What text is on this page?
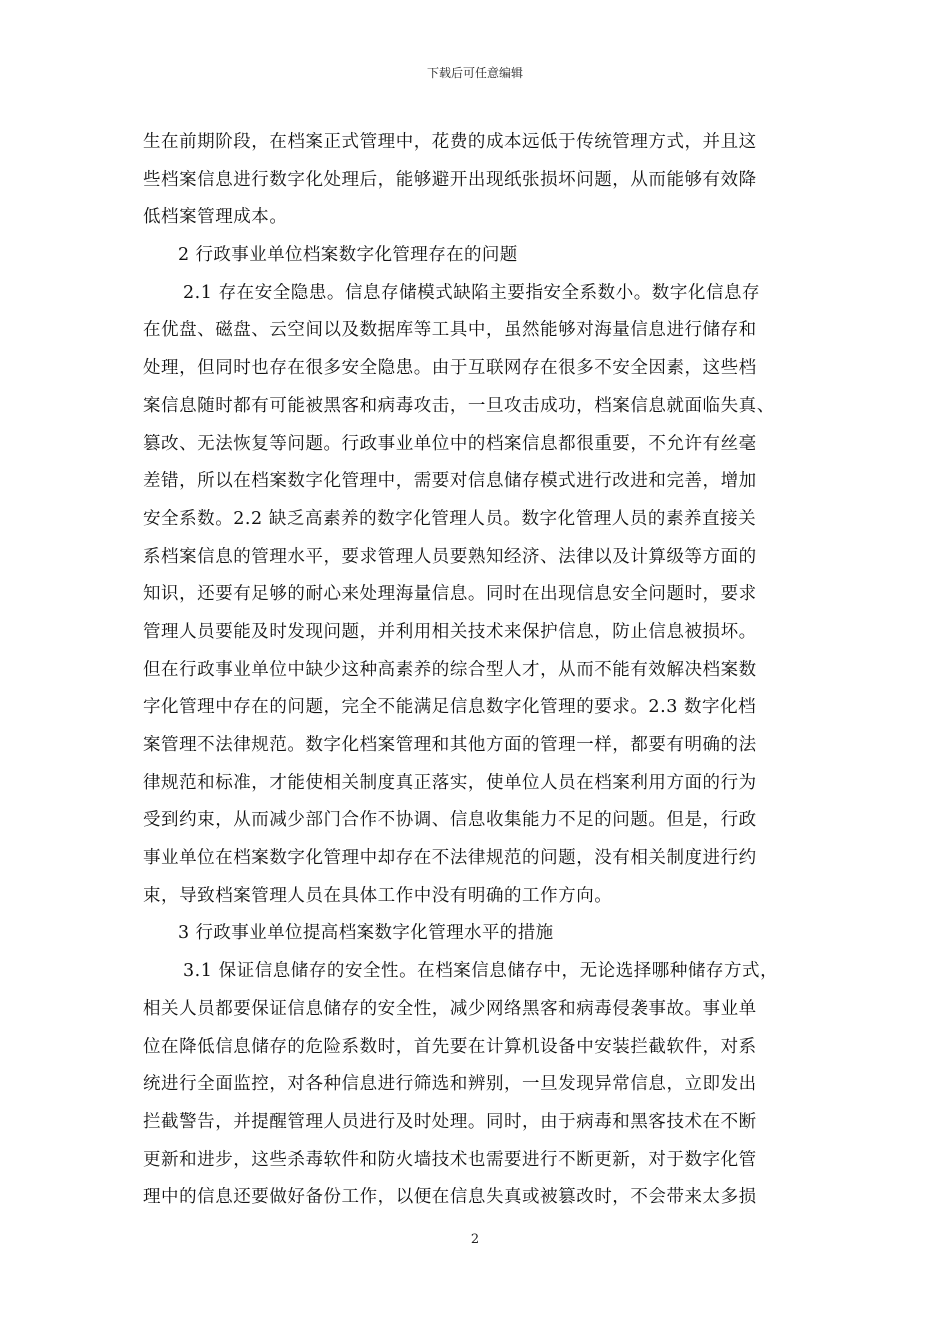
下载后可任意编辑
生在前期阶段，在档案正式管理中，花费的成本远低于传统管理方式，并且这
些档案信息进行数字化处理后，能够避开出现纸张损坏问题，从而能够有效降
低档案管理成本。
2 行政事业单位档案数字化管理存在的问题
2.1 存在安全隐患。信息存储模式缺陷主要指安全系数小。数字化信息存
在优盘、磁盘、云空间以及数据库等工具中，虽然能够对海量信息进行储存和
处理，但同时也存在很多安全隐患。由于互联网存在很多不安全因素，这些档
案信息随时都有可能被黑客和病毒攻击，一旦攻击成功，档案信息就面临失真、
篡改、无法恢复等问题。行政事业单位中的档案信息都很重要，不允许有丝毫
差错，所以在档案数字化管理中，需要对信息储存模式进行改进和完善，增加
安全系数。2.2 缺乏高素养的数字化管理人员。数字化管理人员的素养直接关
系档案信息的管理水平，要求管理人员要熟知经济、法律以及计算级等方面的
知识，还要有足够的耐心来处理海量信息。同时在出现信息安全问题时，要求
管理人员要能及时发现问题，并利用相关技术来保护信息，防止信息被损坏。
但在行政事业单位中缺少这种高素养的综合型人才，从而不能有效解决档案数
字化管理中存在的问题，完全不能满足信息数字化管理的要求。2.3 数字化档
案管理不法律规范。数字化档案管理和其他方面的管理一样，都要有明确的法
律规范和标准，才能使相关制度真正落实，使单位人员在档案利用方面的行为
受到约束，从而减少部门合作不协调、信息收集能力不足的问题。但是，行政
事业单位在档案数字化管理中却存在不法律规范的问题，没有相关制度进行约
束，导致档案管理人员在具体工作中没有明确的工作方向。
3 行政事业单位提高档案数字化管理水平的措施
3.1 保证信息储存的安全性。在档案信息储存中，无论选择哪种储存方式，
相关人员都要保证信息储存的安全性，减少网络黑客和病毒侵袭事故。事业单
位在降低信息储存的危险系数时，首先要在计算机设备中安装拦截软件，对系
统进行全面监控，对各种信息进行筛选和辨别，一旦发现异常信息，立即发出
拦截警告，并提醒管理人员进行及时处理。同时，由于病毒和黑客技术在不断
更新和进步，这些杀毒软件和防火墙技术也需要进行不断更新，对于数字化管
理中的信息还要做好备份工作，以便在信息失真或被篡改时，不会带来太多损
2
